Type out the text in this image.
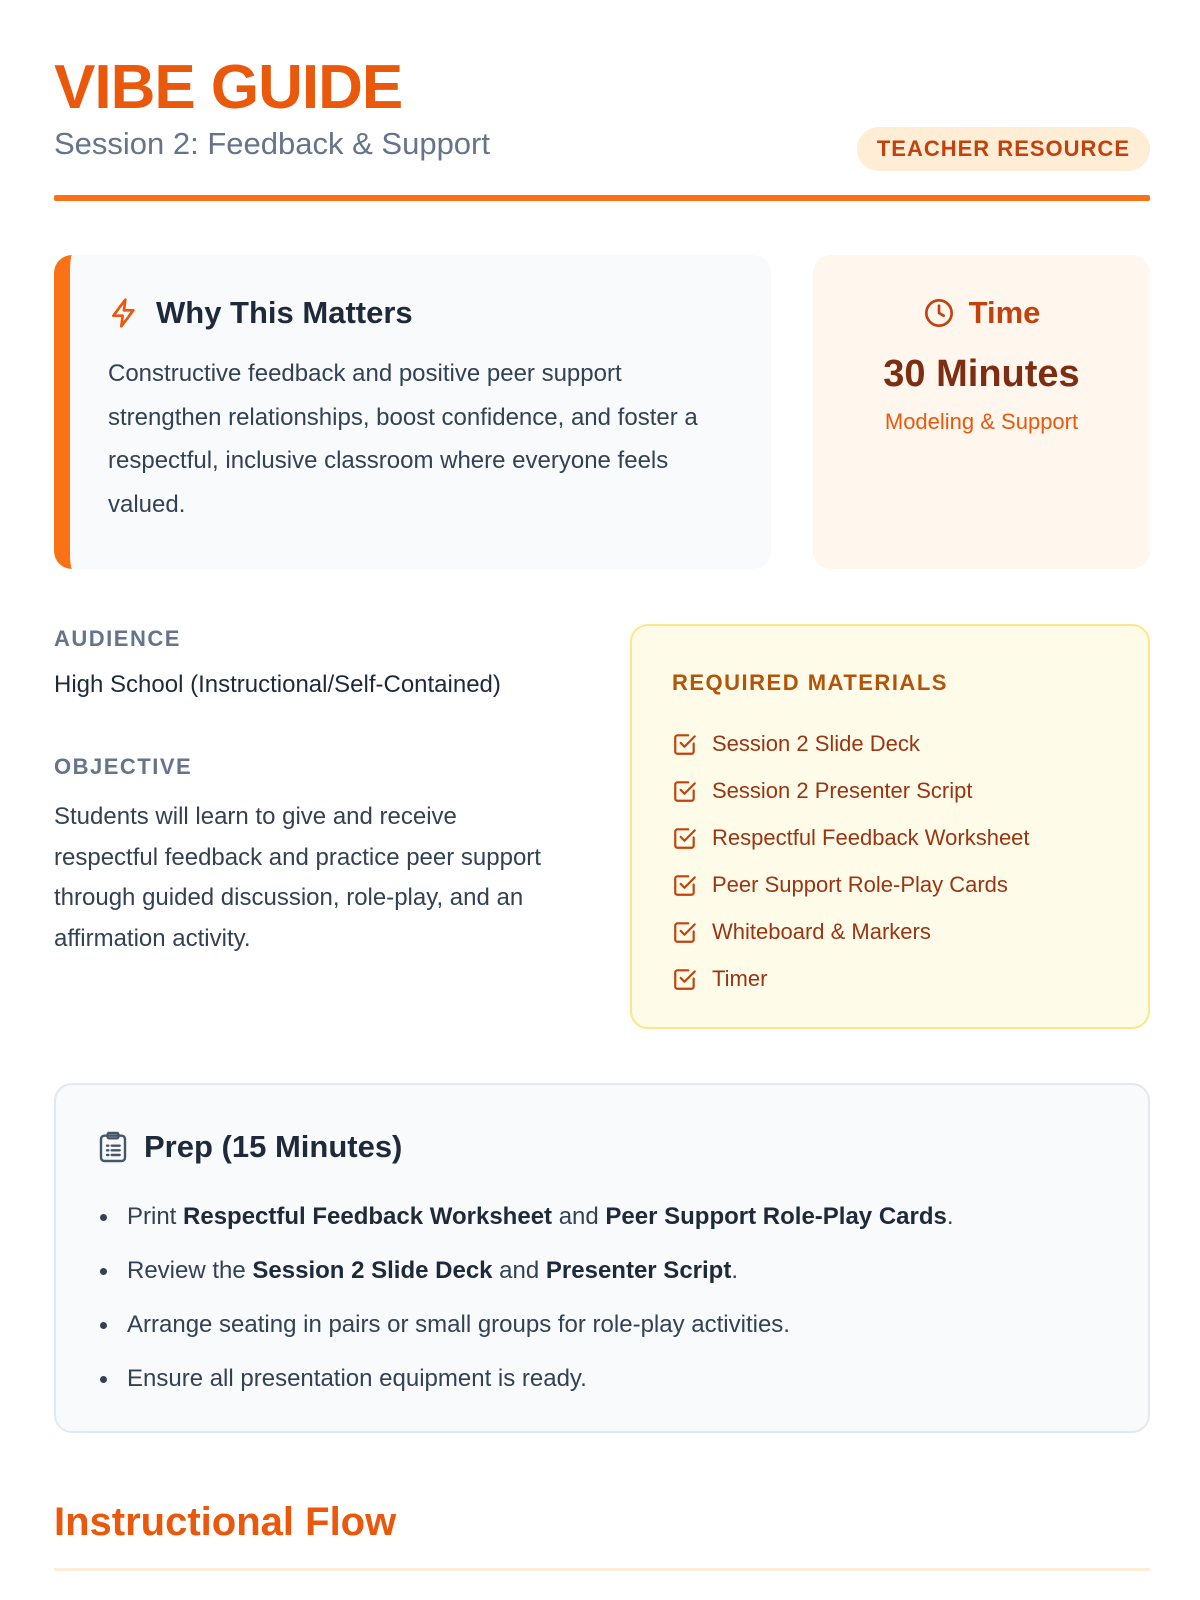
VIBE GUIDE
Session 2: Feedback & Support	TEACHER RESOURCE
Why This Matters
Constructive feedback and positive peer support strengthen relationships, boost confidence, and foster a respectful, inclusive classroom where everyone feels valued.
Time
30 Minutes
Modeling & Support
AUDIENCE
High School (Instructional/Self-Contained)
OBJECTIVE
Students will learn to give and receive respectful feedback and practice peer support through guided discussion, role-play, and an affirmation activity.
REQUIRED MATERIALS
Session 2 Slide Deck
Session 2 Presenter Script
Respectful Feedback Worksheet
Peer Support Role-Play Cards
Whiteboard & Markers
Timer
Prep (15 Minutes)
Print Respectful Feedback Worksheet and Peer Support Role-Play Cards.
Review the Session 2 Slide Deck and Presenter Script.
Arrange seating in pairs or small groups for role-play activities.
Ensure all presentation equipment is ready.
Instructional Flow
